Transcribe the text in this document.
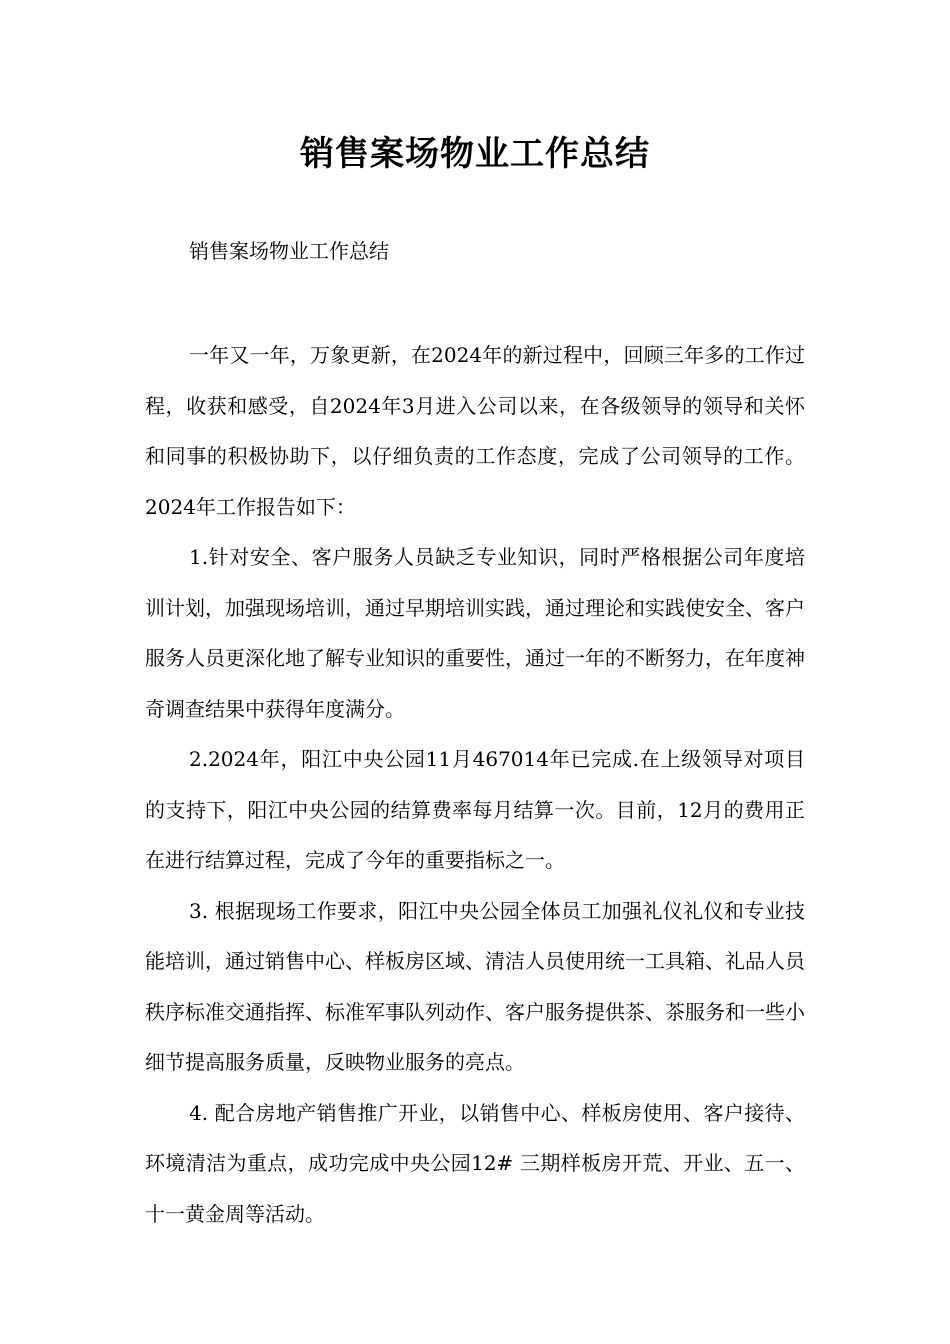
销售案场物业工作总结

销售案场物业工作总结

一年又一年，万象更新，在2024年的新过程中，回顾三年多的工作过程，收获和感受，自2024年3月进入公司以来，在各级领导的领导和关怀和同事的积极协助下，以仔细负责的工作态度，完成了公司领导的工作。2024年工作报告如下：

1.针对安全、客户服务人员缺乏专业知识，同时严格根据公司年度培训计划，加强现场培训，通过早期培训实践，通过理论和实践使安全、客户服务人员更深化地了解专业知识的重要性，通过一年的不断努力，在年度神奇调查结果中获得年度满分。

2.2024年，阳江中央公园11月467014年已完成.在上级领导对项目的支持下，阳江中央公园的结算费率每月结算一次。目前，12月的费用正在进行结算过程，完成了今年的重要指标之一。

3. 根据现场工作要求，阳江中央公园全体员工加强礼仪礼仪和专业技能培训，通过销售中心、样板房区域、清洁人员使用统一工具箱、礼品人员秩序标准交通指挥、标准军事队列动作、客户服务提供茶、茶服务和一些小细节提高服务质量，反映物业服务的亮点。

4. 配合房地产销售推广开业，以销售中心、样板房使用、客户接待、环境清洁为重点，成功完成中央公园12# 三期样板房开荒、开业、五一、十一黄金周等活动。
